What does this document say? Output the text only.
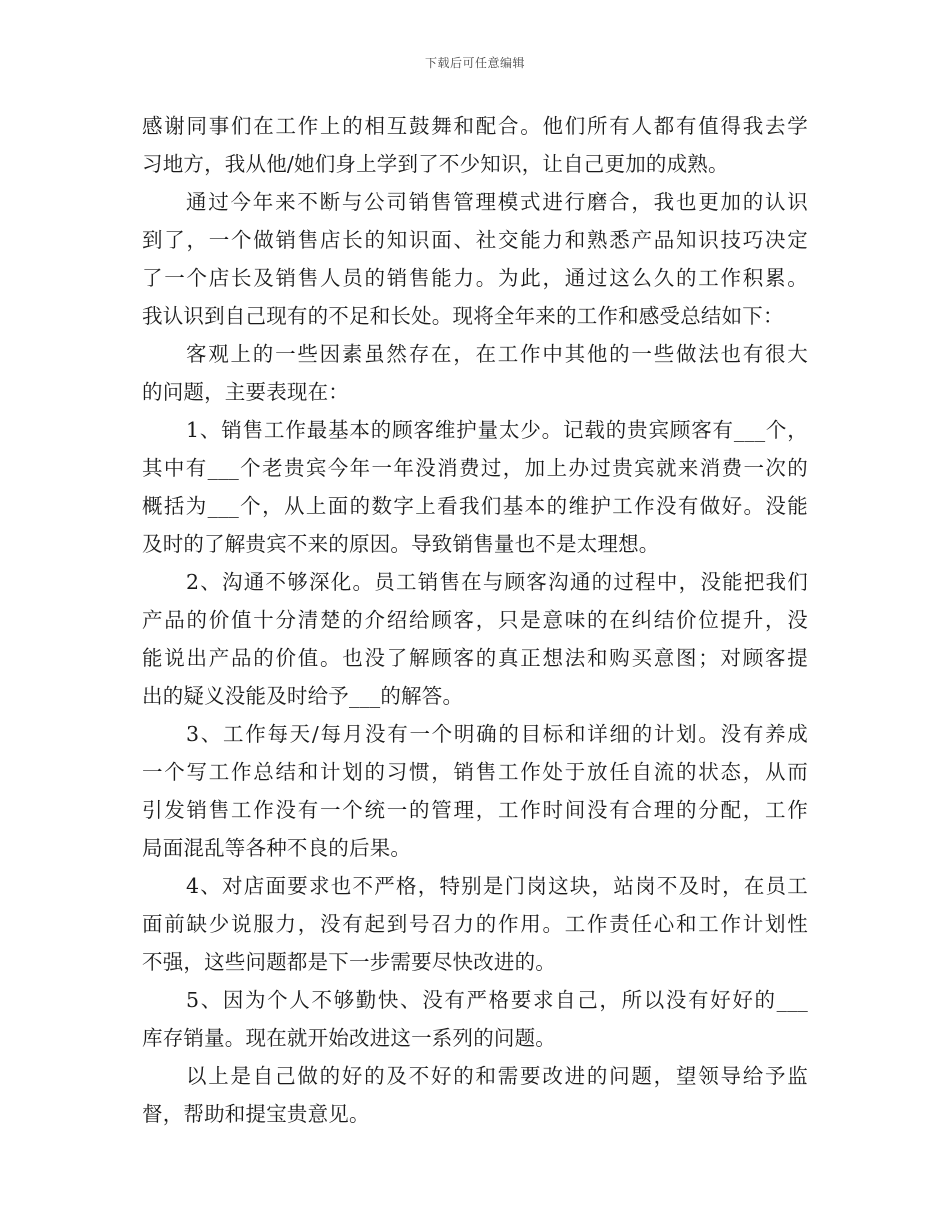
下载后可任意编辑
感谢同事们在工作上的相互鼓舞和配合。他们所有人都有值得我去学
习地方，我从他/她们身上学到了不少知识，让自己更加的成熟。
通过今年来不断与公司销售管理模式进行磨合，我也更加的认识
到了，一个做销售店长的知识面、社交能力和熟悉产品知识技巧决定
了一个店长及销售人员的销售能力。为此，通过这么久的工作积累。
我认识到自己现有的不足和长处。现将全年来的工作和感受总结如下：
客观上的一些因素虽然存在，在工作中其他的一些做法也有很大
的问题，主要表现在：
1、销售工作最基本的顾客维护量太少。记载的贵宾顾客有___个，
其中有___个老贵宾今年一年没消费过，加上办过贵宾就来消费一次的
概括为___个，从上面的数字上看我们基本的维护工作没有做好。没能
及时的了解贵宾不来的原因。导致销售量也不是太理想。
2、沟通不够深化。员工销售在与顾客沟通的过程中，没能把我们
产品的价值十分清楚的介绍给顾客，只是意味的在纠结价位提升，没
能说出产品的价值。也没了解顾客的真正想法和购买意图；对顾客提
出的疑义没能及时给予___的解答。
3、工作每天/每月没有一个明确的目标和详细的计划。没有养成
一个写工作总结和计划的习惯，销售工作处于放任自流的状态，从而
引发销售工作没有一个统一的管理，工作时间没有合理的分配，工作
局面混乱等各种不良的后果。
4、对店面要求也不严格，特别是门岗这块，站岗不及时，在员工
面前缺少说服力，没有起到号召力的作用。工作责任心和工作计划性
不强，这些问题都是下一步需要尽快改进的。
5、因为个人不够勤快、没有严格要求自己，所以没有好好的___
库存销量。现在就开始改进这一系列的问题。
以上是自己做的好的及不好的和需要改进的问题，望领导给予监
督，帮助和提宝贵意见。
